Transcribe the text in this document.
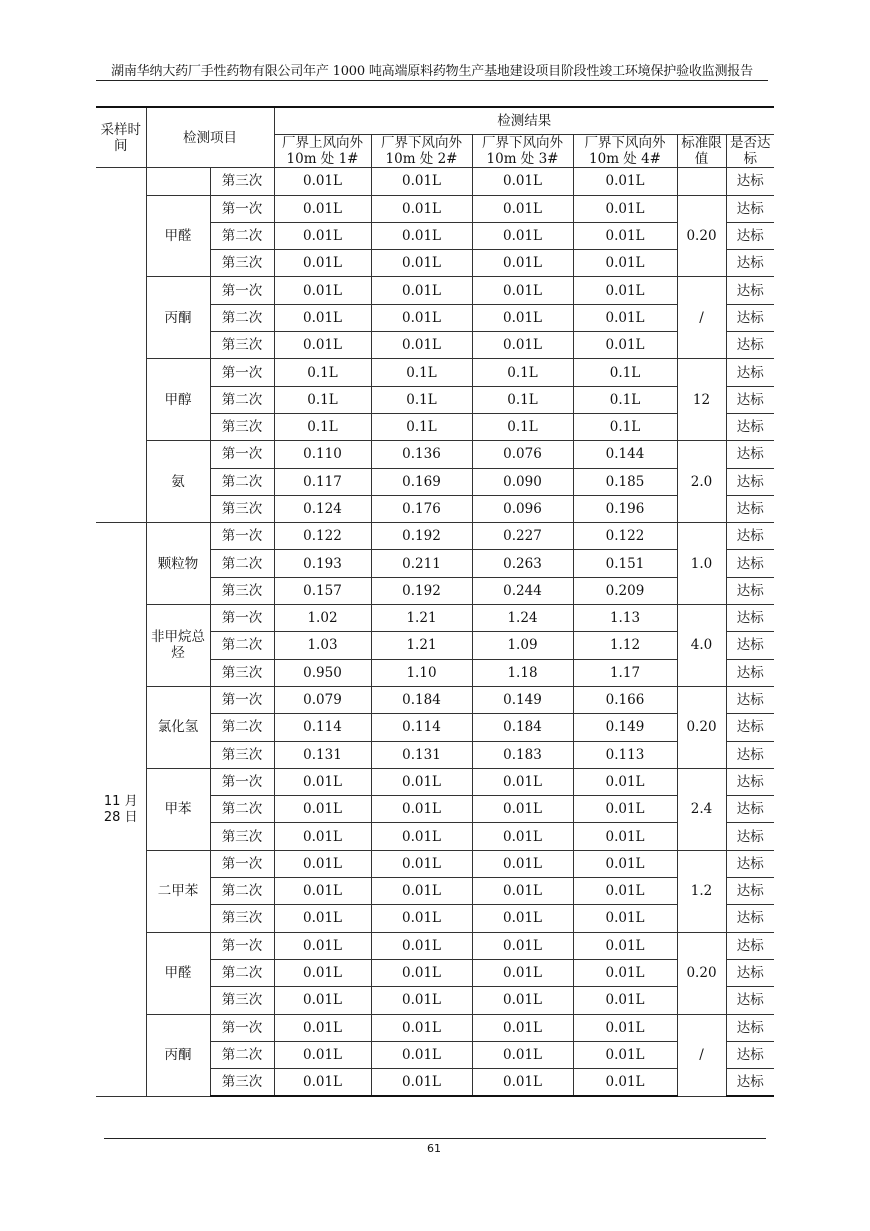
湖南华纳大药厂手性药物有限公司年产 1000 吨高端原料药物生产基地建设项目阶段性竣工环境保护验收监测报告
采样时间	检测项目		检测结果					
			厂界上风向外 10m 处 1#	厂界下风向外 10m 处 2#	厂界下风向外 10m 处 3#	厂界下风向外 10m 处 4#	标准限值	是否达标
		第三次	0.01L	0.01L	0.01L	0.01L		达标
	甲醛	第一次	0.01L	0.01L	0.01L	0.01L	0.20	达标
		第二次	0.01L	0.01L	0.01L	0.01L		达标
		第三次	0.01L	0.01L	0.01L	0.01L		达标
	丙酮	第一次	0.01L	0.01L	0.01L	0.01L	/	达标
		第二次	0.01L	0.01L	0.01L	0.01L		达标
		第三次	0.01L	0.01L	0.01L	0.01L		达标
	甲醇	第一次	0.1L	0.1L	0.1L	0.1L	12	达标
		第二次	0.1L	0.1L	0.1L	0.1L		达标
		第三次	0.1L	0.1L	0.1L	0.1L		达标
	氨	第一次	0.110	0.136	0.076	0.144	2.0	达标
		第二次	0.117	0.169	0.090	0.185		达标
		第三次	0.124	0.176	0.096	0.196		达标
11 月 28 日	颗粒物	第一次	0.122	0.192	0.227	0.122	1.0	达标
		第二次	0.193	0.211	0.263	0.151		达标
		第三次	0.157	0.192	0.244	0.209		达标
	非甲烷总烃	第一次	1.02	1.21	1.24	1.13	4.0	达标
		第二次	1.03	1.21	1.09	1.12		达标
		第三次	0.950	1.10	1.18	1.17		达标
	氯化氢	第一次	0.079	0.184	0.149	0.166	0.20	达标
		第二次	0.114	0.114	0.184	0.149		达标
		第三次	0.131	0.131	0.183	0.113		达标
	甲苯	第一次	0.01L	0.01L	0.01L	0.01L	2.4	达标
		第二次	0.01L	0.01L	0.01L	0.01L		达标
		第三次	0.01L	0.01L	0.01L	0.01L		达标
	二甲苯	第一次	0.01L	0.01L	0.01L	0.01L	1.2	达标
		第二次	0.01L	0.01L	0.01L	0.01L		达标
		第三次	0.01L	0.01L	0.01L	0.01L		达标
	甲醛	第一次	0.01L	0.01L	0.01L	0.01L	0.20	达标
		第二次	0.01L	0.01L	0.01L	0.01L		达标
		第三次	0.01L	0.01L	0.01L	0.01L		达标
	丙酮	第一次	0.01L	0.01L	0.01L	0.01L	/	达标
		第二次	0.01L	0.01L	0.01L	0.01L		达标
		第三次	0.01L	0.01L	0.01L	0.01L		达标
61
